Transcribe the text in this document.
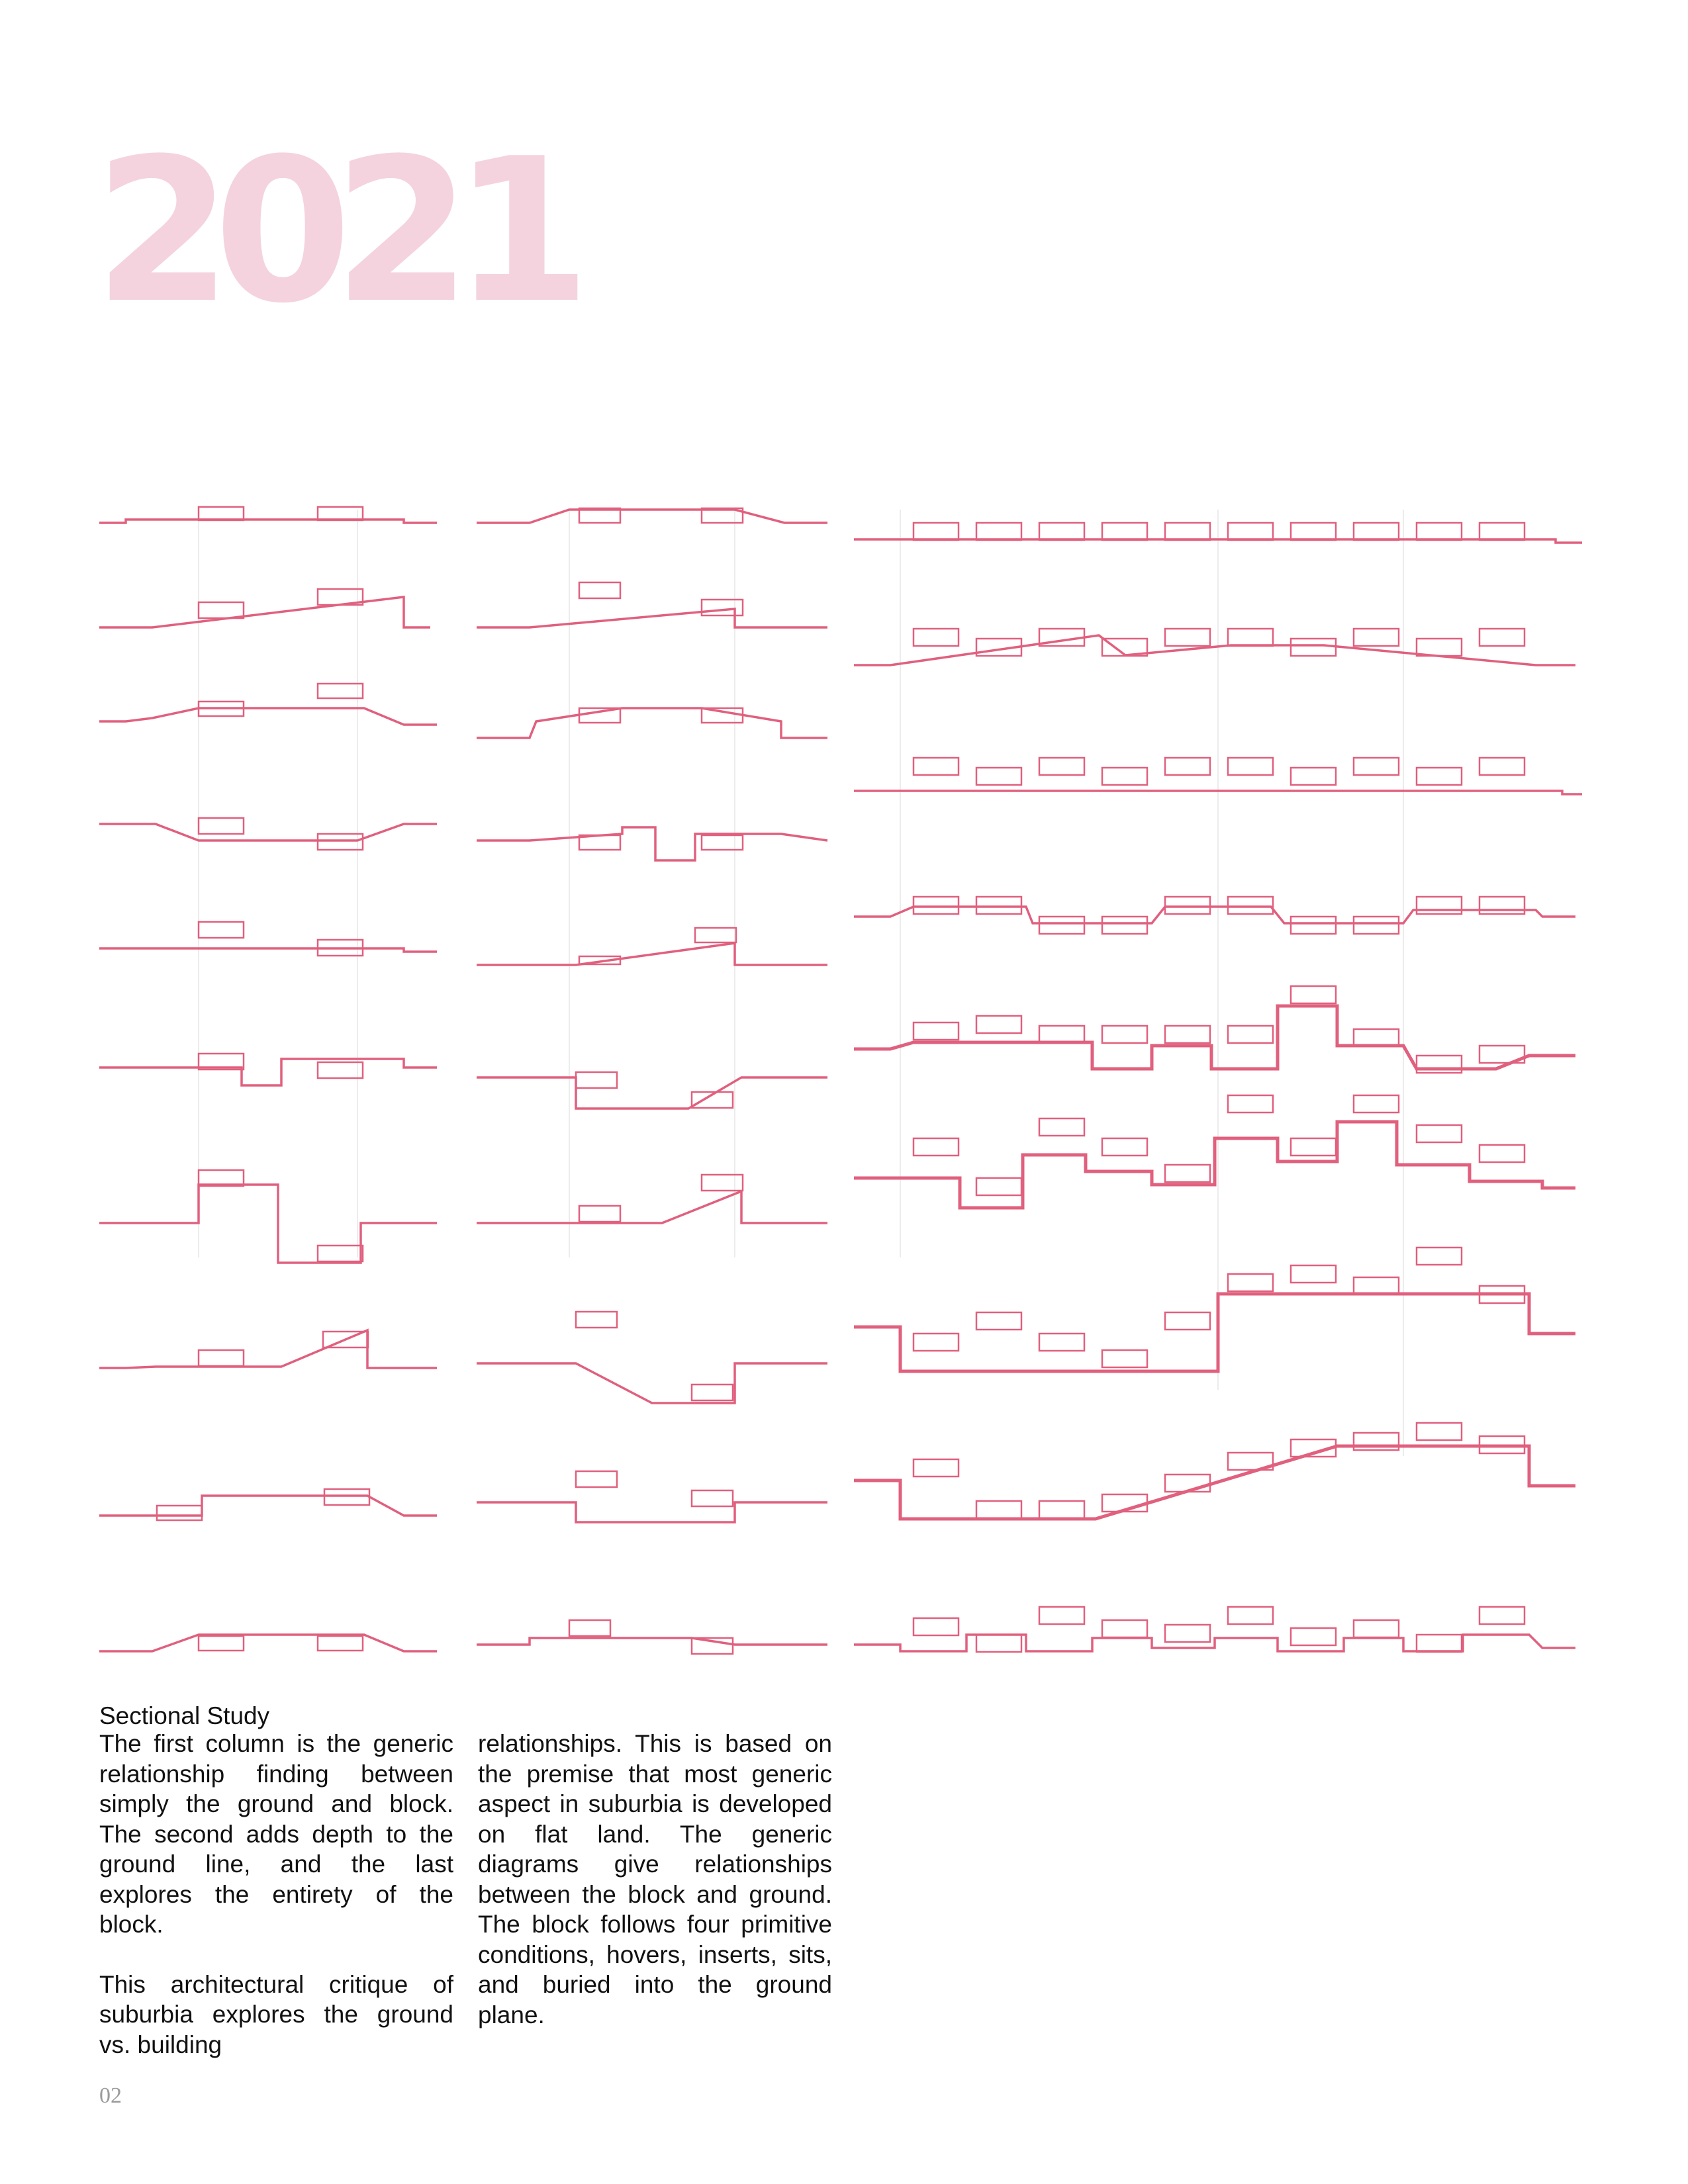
2021
Sectional Study

The first column is the generic relationship finding between simply the ground and block. The second adds depth to the ground line, and the last explores the entirety of the block.

This architectural critique of suburbia explores the ground vs. building

relationships. This is based on the premise that most generic aspect in suburbia is developed on flat land. The generic diagrams give relationships between the block and ground. The block follows four primitive conditions, hovers, inserts, sits, and buried into the ground plane.

02
